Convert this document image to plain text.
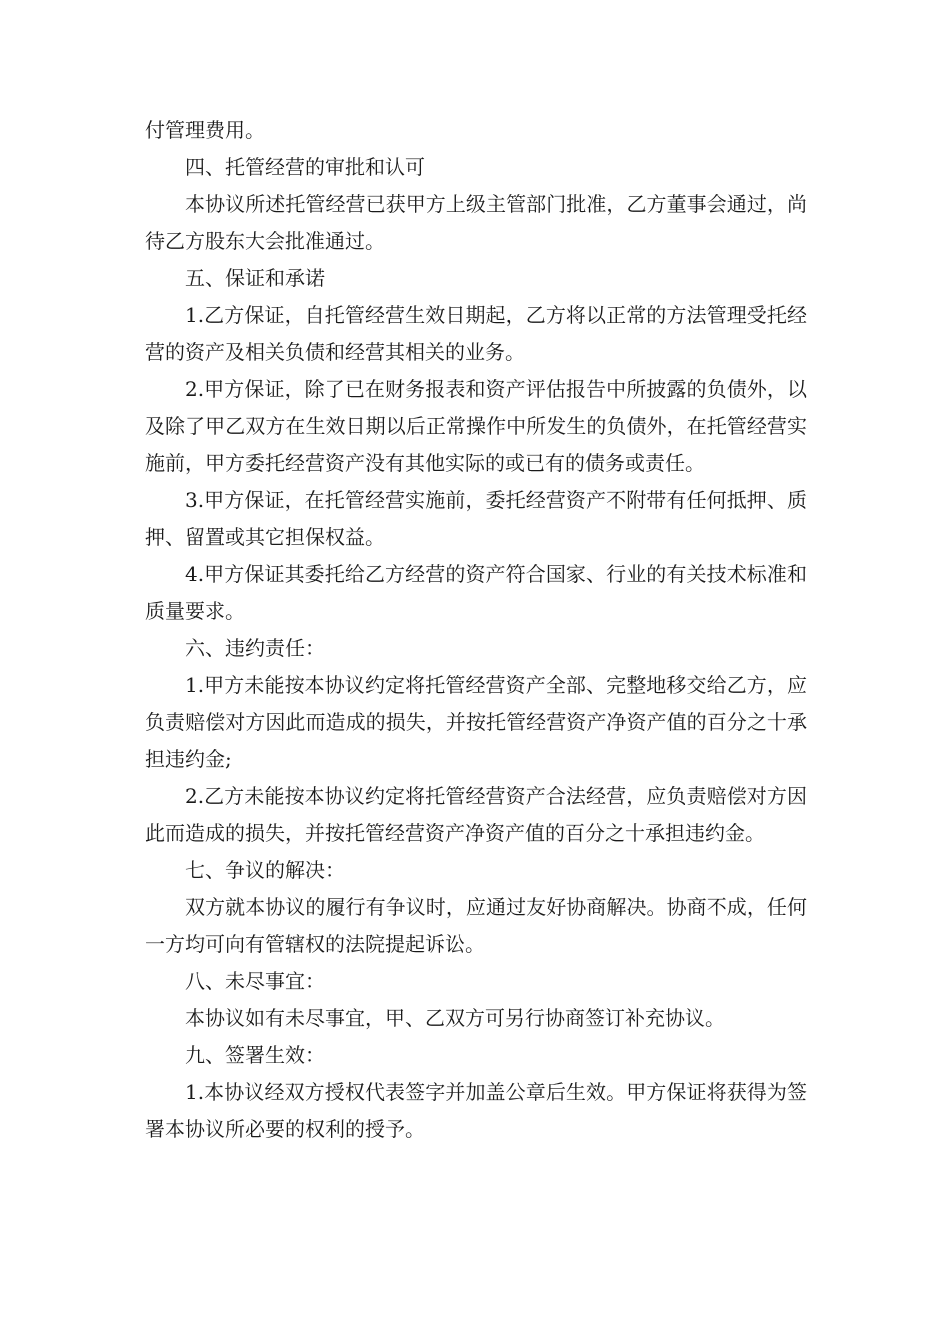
付管理费用。

四、托管经营的审批和认可

本协议所述托管经营已获甲方上级主管部门批准，乙方董事会通过，尚待乙方股东大会批准通过。

五、保证和承诺

1.乙方保证，自托管经营生效日期起，乙方将以正常的方法管理受托经营的资产及相关负债和经营其相关的业务。

2.甲方保证，除了已在财务报表和资产评估报告中所披露的负债外，以及除了甲乙双方在生效日期以后正常操作中所发生的负债外，在托管经营实施前，甲方委托经营资产没有其他实际的或已有的债务或责任。

3.甲方保证，在托管经营实施前，委托经营资产不附带有任何抵押、质押、留置或其它担保权益。

4.甲方保证其委托给乙方经营的资产符合国家、行业的有关技术标准和质量要求。

六、违约责任：

1.甲方未能按本协议约定将托管经营资产全部、完整地移交给乙方，应负责赔偿对方因此而造成的损失，并按托管经营资产净资产值的百分之十承担违约金;

2.乙方未能按本协议约定将托管经营资产合法经营，应负责赔偿对方因此而造成的损失，并按托管经营资产净资产值的百分之十承担违约金。

七、争议的解决：

双方就本协议的履行有争议时，应通过友好协商解决。协商不成，任何一方均可向有管辖权的法院提起诉讼。

八、未尽事宜：

本协议如有未尽事宜，甲、乙双方可另行协商签订补充协议。

九、签署生效：

1.本协议经双方授权代表签字并加盖公章后生效。甲方保证将获得为签署本协议所必要的权利的授予。
